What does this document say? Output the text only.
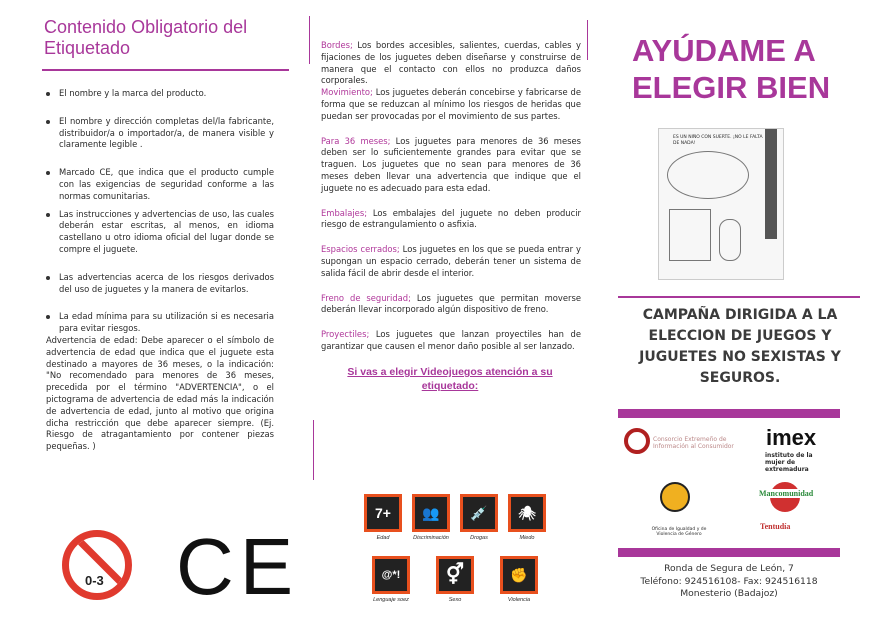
Contenido Obligatorio del Etiquetado
El nombre y la marca del producto.
El nombre y dirección completas del/la fabricante, distribuidor/a o importador/a, de manera visible y claramente legible .
Marcado CE, que indica que el producto cumple con las exigencias de seguridad conforme a las normas comunitarias.
Las instrucciones y advertencias de uso, las cuales deberán estar escritas, al menos, en idioma castellano u otro idioma oficial del lugar donde se compre el juguete.
Las advertencias acerca de los riesgos derivados del uso de juguetes y la manera de evitarlos.
La edad mínima para su utilización si es necesaria para evitar riesgos.

Advertencia de edad: Debe aparecer o el símbolo de advertencia de edad que indica que el juguete esta destinado a mayores de 36 meses, o la indicación: "No recomendado para menores de 36 meses, precedida por el término "ADVERTENCIA", o el pictograma de advertencia de edad más la indicación de advertencia de edad, junto al motivo que origina dicha restricción que debe aparecer siempre. (Ej. Riesgo de atragantamiento por contener piezas pequeñas. )

0-3 CE

Bordes; Los bordes accesibles, salientes, cuerdas, cables y fijaciones de los juguetes deben diseñarse y construirse de manera que el contacto con ellos no produzca daños corporales.

Movimiento; Los juguetes deberán concebirse y fabricarse de forma que se reduzcan al mínimo los riesgos de heridas que puedan ser provocadas por el movimiento de sus partes.

Para 36 meses; Los juguetes para menores de 36 meses deben ser lo suficientemente grandes para evitar que se traguen. Los juguetes que no sean para menores de 36 meses deben llevar una advertencia que indique que el juguete no es adecuado para esta edad.

Embalajes; Los embalajes del juguete no deben producir riesgo de estrangulamiento o asfixia.

Espacios cerrados; Los juguetes en los que se pueda entrar y supongan un espacio cerrado, deberán tener un sistema de salida fácil de abrir desde el interior.

Freno de seguridad; Los juguetes que permitan moverse deberán llevar incorporado algún dispositivo de freno.

Proyectiles; Los juguetes que lanzan proyectiles han de garantizar que causen el menor daño posible al ser lanzado.

Si vas a elegir Videojuegos atención a su etiquetado:
7+
Edad
👥
Discriminación
💉
Drogas
🕷
Miedo
@*!
Lenguaje soez
⚥
Sexo
✊
Violencia
AYÚDAME A
ELEGIR BIEN
ES UN NIÑO CON SUERTE. ¡NO LE FALTA DE NADA!
CAMPAÑA DIRIGIDA A LA ELECCION DE JUEGOS Y JUGUETES NO SEXISTAS Y SEGUROS.
Consorcio Extremeño de Información al Consumidor imex
instituto de la mujer de extremadura
Oficina de Igualdad y de Violencia de Género
Mancomunidad
Tentudía
Ronda de Segura de León, 7
Teléfono: 924516108- Fax: 924516118
Monesterio (Badajoz)
